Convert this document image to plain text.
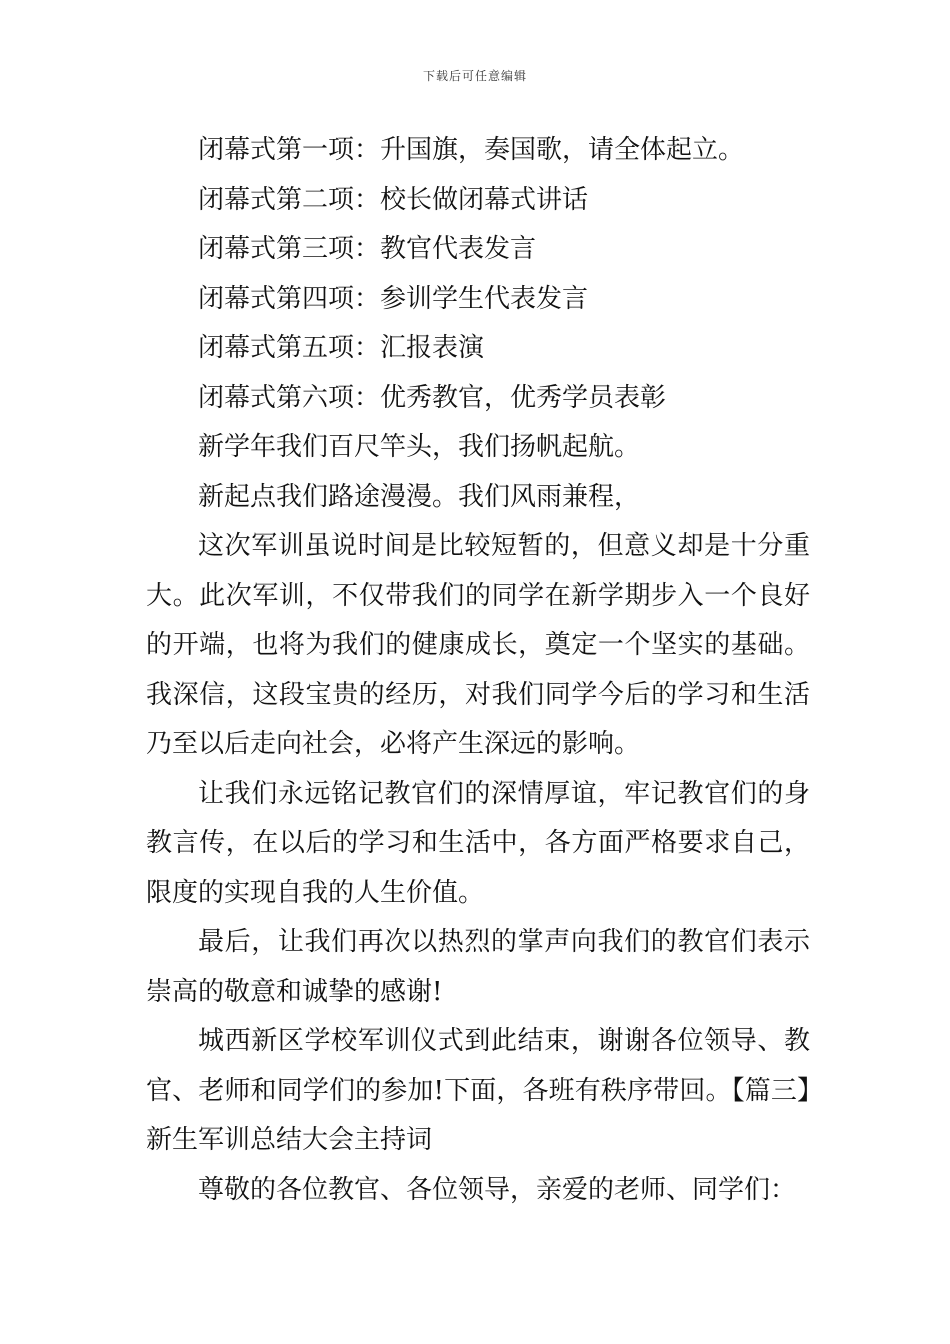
下载后可任意编辑

闭幕式第一项：升国旗，奏国歌，请全体起立。

闭幕式第二项：校长做闭幕式讲话

闭幕式第三项：教官代表发言

闭幕式第四项：参训学生代表发言

闭幕式第五项：汇报表演

闭幕式第六项：优秀教官，优秀学员表彰

新学年我们百尺竿头，我们扬帆起航。

新起点我们路途漫漫。我们风雨兼程，

这次军训虽说时间是比较短暂的，但意义却是十分重大。此次军训，不仅带我们的同学在新学期步入一个良好的开端，也将为我们的健康成长，奠定一个坚实的基础。我深信，这段宝贵的经历，对我们同学今后的学习和生活乃至以后走向社会，必将产生深远的影响。

让我们永远铭记教官们的深情厚谊，牢记教官们的身教言传，在以后的学习和生活中，各方面严格要求自己，限度的实现自我的人生价值。

最后，让我们再次以热烈的掌声向我们的教官们表示崇高的敬意和诚挚的感谢!

城西新区学校军训仪式到此结束，谢谢各位领导、教官、老师和同学们的参加!下面，各班有秩序带回。【篇三】新生军训总结大会主持词

尊敬的各位教官、各位领导，亲爱的老师、同学们：
